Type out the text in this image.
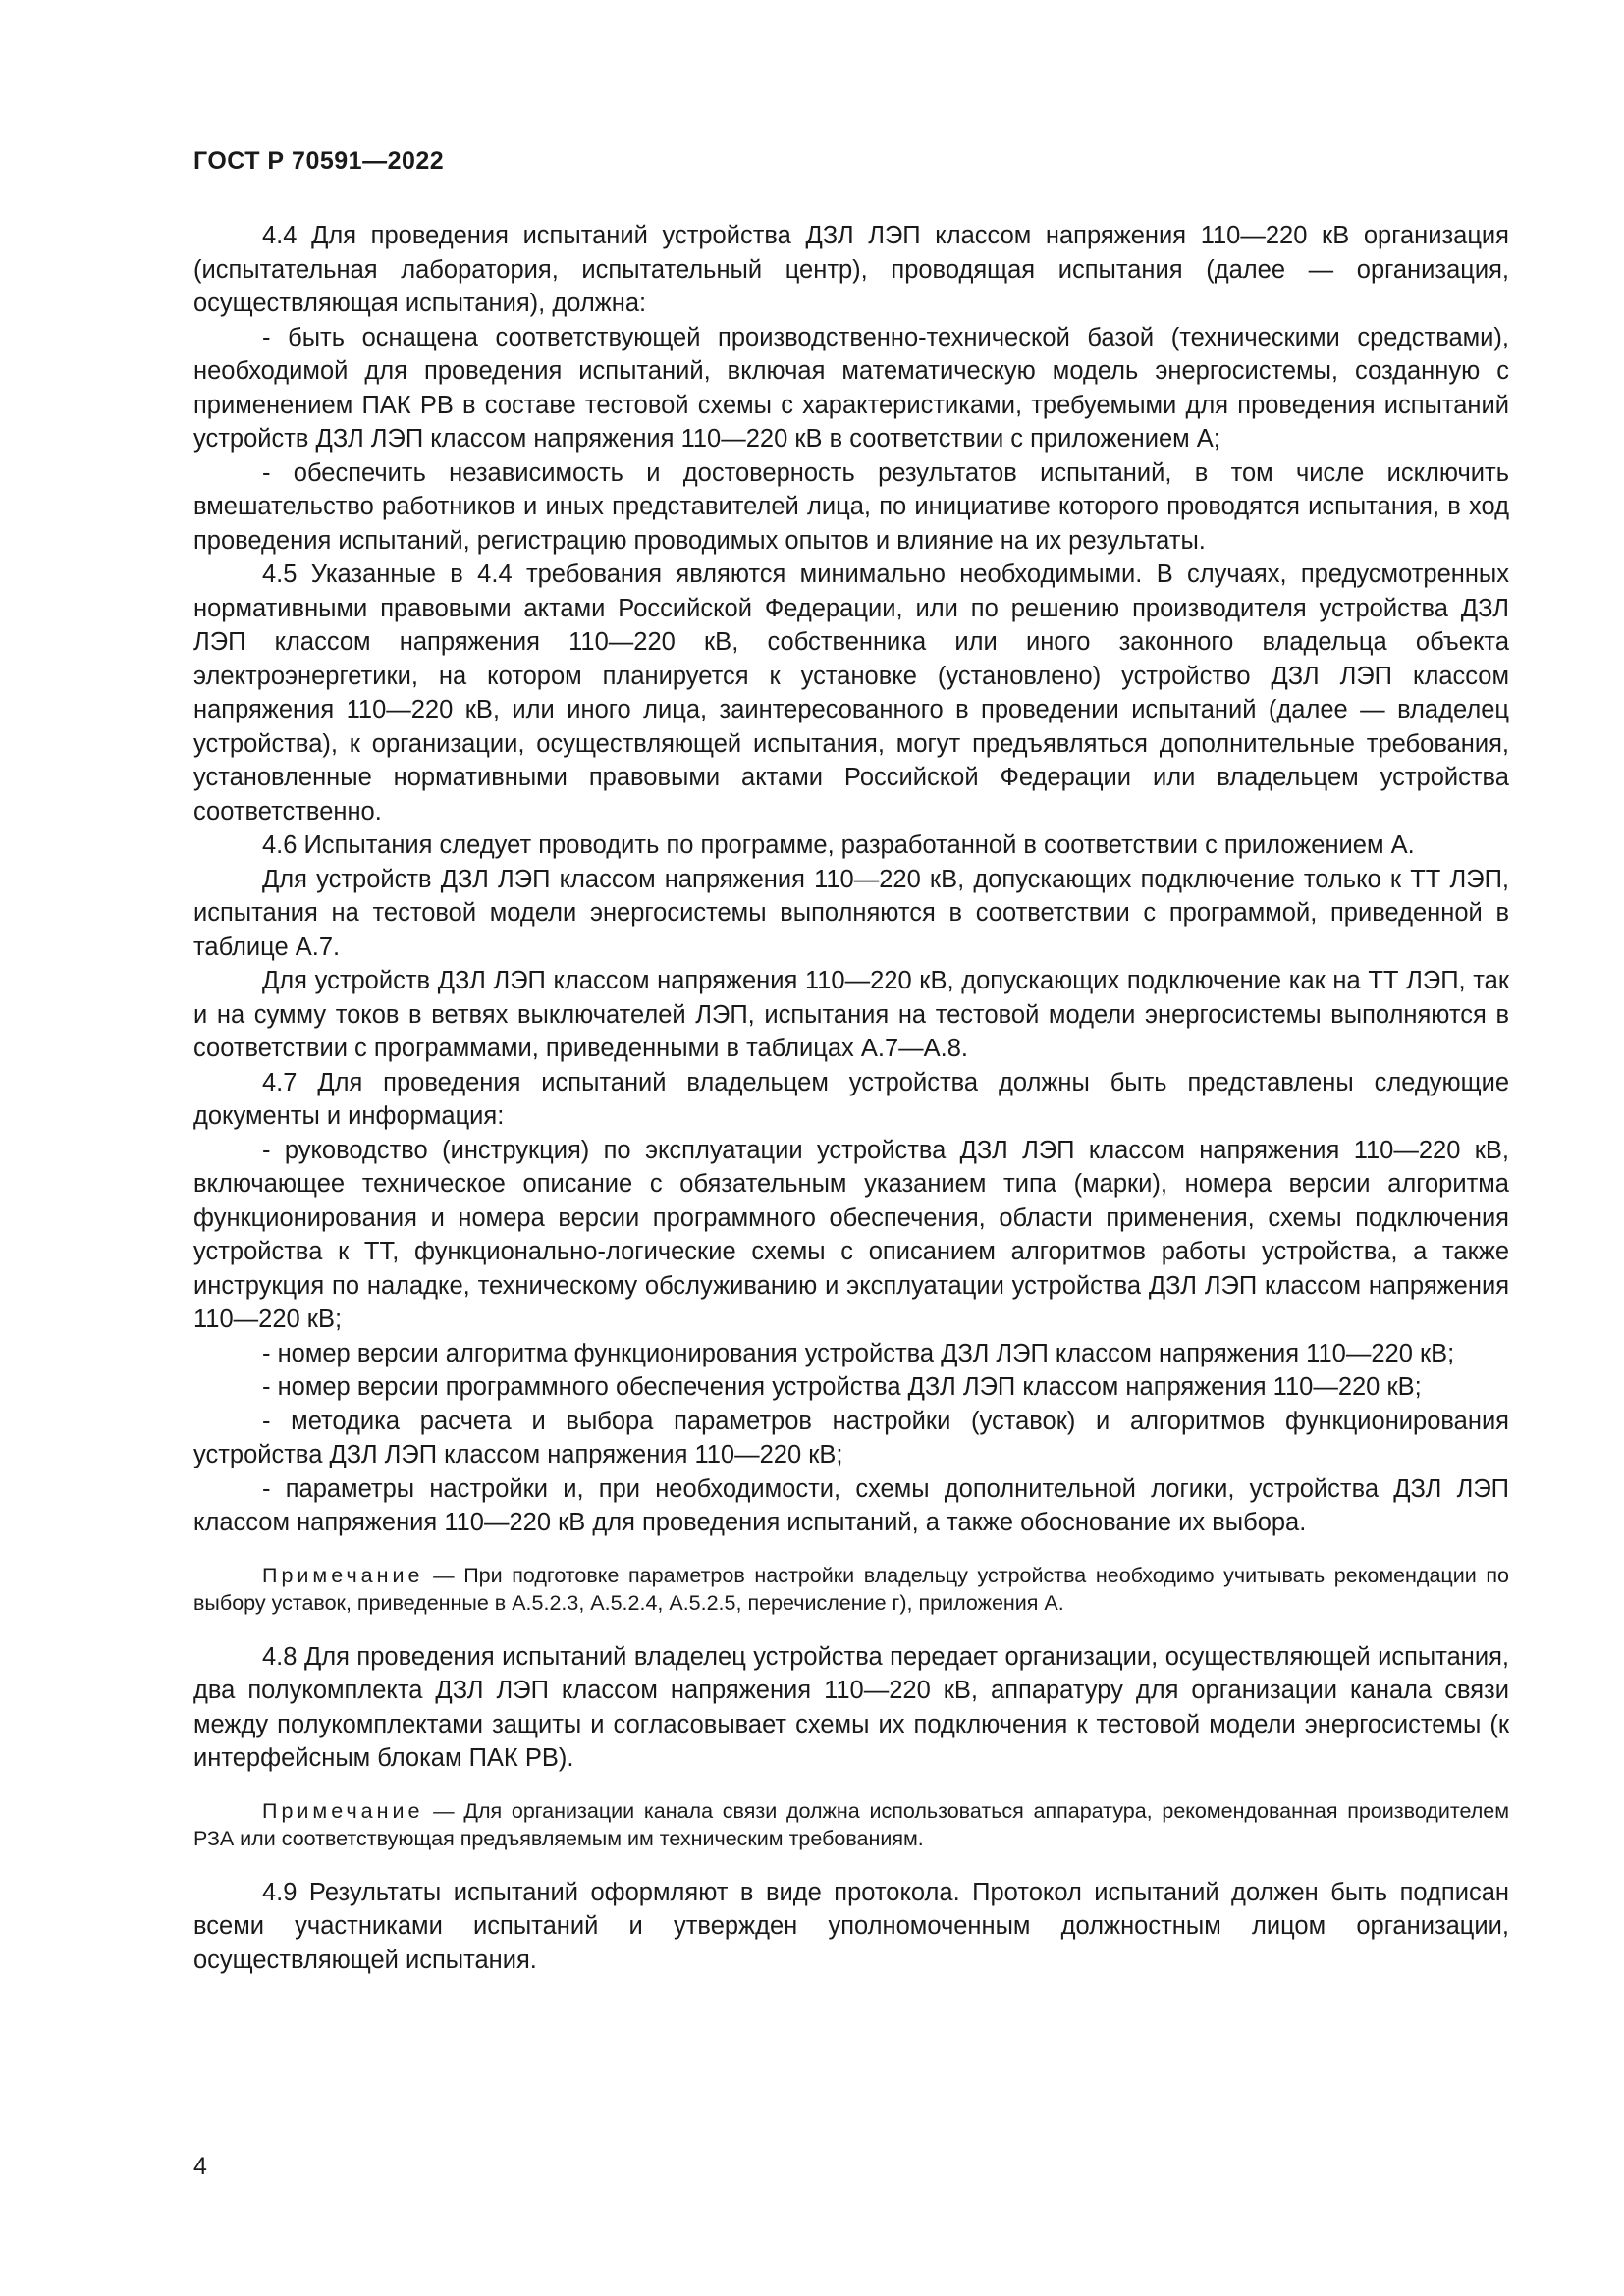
ГОСТ Р 70591—2022

4.4 Для проведения испытаний устройства ДЗЛ ЛЭП классом напряжения 110—220 кВ организация (испытательная лаборатория, испытательный центр), проводящая испытания (далее — организация, осуществляющая испытания), должна:

- быть оснащена соответствующей производственно-технической базой (техническими средствами), необходимой для проведения испытаний, включая математическую модель энергосистемы, созданную с применением ПАК РВ в составе тестовой схемы с характеристиками, требуемыми для проведения испытаний устройств ДЗЛ ЛЭП классом напряжения 110—220 кВ в соответствии с приложением А;

- обеспечить независимость и достоверность результатов испытаний, в том числе исключить вмешательство работников и иных представителей лица, по инициативе которого проводятся испытания, в ход проведения испытаний, регистрацию проводимых опытов и влияние на их результаты.

4.5 Указанные в 4.4 требования являются минимально необходимыми. В случаях, предусмотренных нормативными правовыми актами Российской Федерации, или по решению производителя устройства ДЗЛ ЛЭП классом напряжения 110—220 кВ, собственника или иного законного владельца объекта электроэнергетики, на котором планируется к установке (установлено) устройство ДЗЛ ЛЭП классом напряжения 110—220 кВ, или иного лица, заинтересованного в проведении испытаний (далее — владелец устройства), к организации, осуществляющей испытания, могут предъявляться дополнительные требования, установленные нормативными правовыми актами Российской Федерации или владельцем устройства соответственно.

4.6 Испытания следует проводить по программе, разработанной в соответствии с приложением А.

Для устройств ДЗЛ ЛЭП классом напряжения 110—220 кВ, допускающих подключение только к ТТ ЛЭП, испытания на тестовой модели энергосистемы выполняются в соответствии с программой, приведенной в таблице А.7.

Для устройств ДЗЛ ЛЭП классом напряжения 110—220 кВ, допускающих подключение как на ТТ ЛЭП, так и на сумму токов в ветвях выключателей ЛЭП, испытания на тестовой модели энергосистемы выполняются в соответствии с программами, приведенными в таблицах А.7—А.8.

4.7 Для проведения испытаний владельцем устройства должны быть представлены следующие документы и информация:

- руководство (инструкция) по эксплуатации устройства ДЗЛ ЛЭП классом напряжения 110—220 кВ, включающее техническое описание с обязательным указанием типа (марки), номера версии алгоритма функционирования и номера версии программного обеспечения, области применения, схемы подключения устройства к ТТ, функционально-логические схемы с описанием алгоритмов работы устройства, а также инструкция по наладке, техническому обслуживанию и эксплуатации устройства ДЗЛ ЛЭП классом напряжения 110—220 кВ;

- номер версии алгоритма функционирования устройства ДЗЛ ЛЭП классом напряжения 110—220 кВ;

- номер версии программного обеспечения устройства ДЗЛ ЛЭП классом напряжения 110—220 кВ;

- методика расчета и выбора параметров настройки (уставок) и алгоритмов функционирования устройства ДЗЛ ЛЭП классом напряжения 110—220 кВ;

- параметры настройки и, при необходимости, схемы дополнительной логики, устройства ДЗЛ ЛЭП классом напряжения 110—220 кВ для проведения испытаний, а также обоснование их выбора.

Примечание — При подготовке параметров настройки владельцу устройства необходимо учитывать рекомендации по выбору уставок, приведенные в А.5.2.3, А.5.2.4, А.5.2.5, перечисление г), приложения А.

4.8 Для проведения испытаний владелец устройства передает организации, осуществляющей испытания, два полукомплекта ДЗЛ ЛЭП классом напряжения 110—220 кВ, аппаратуру для организации канала связи между полукомплектами защиты и согласовывает схемы их подключения к тестовой модели энергосистемы (к интерфейсным блокам ПАК РВ).

Примечание — Для организации канала связи должна использоваться аппаратура, рекомендованная производителем РЗА или соответствующая предъявляемым им техническим требованиям.

4.9 Результаты испытаний оформляют в виде протокола. Протокол испытаний должен быть подписан всеми участниками испытаний и утвержден уполномоченным должностным лицом организации, осуществляющей испытания.

4
